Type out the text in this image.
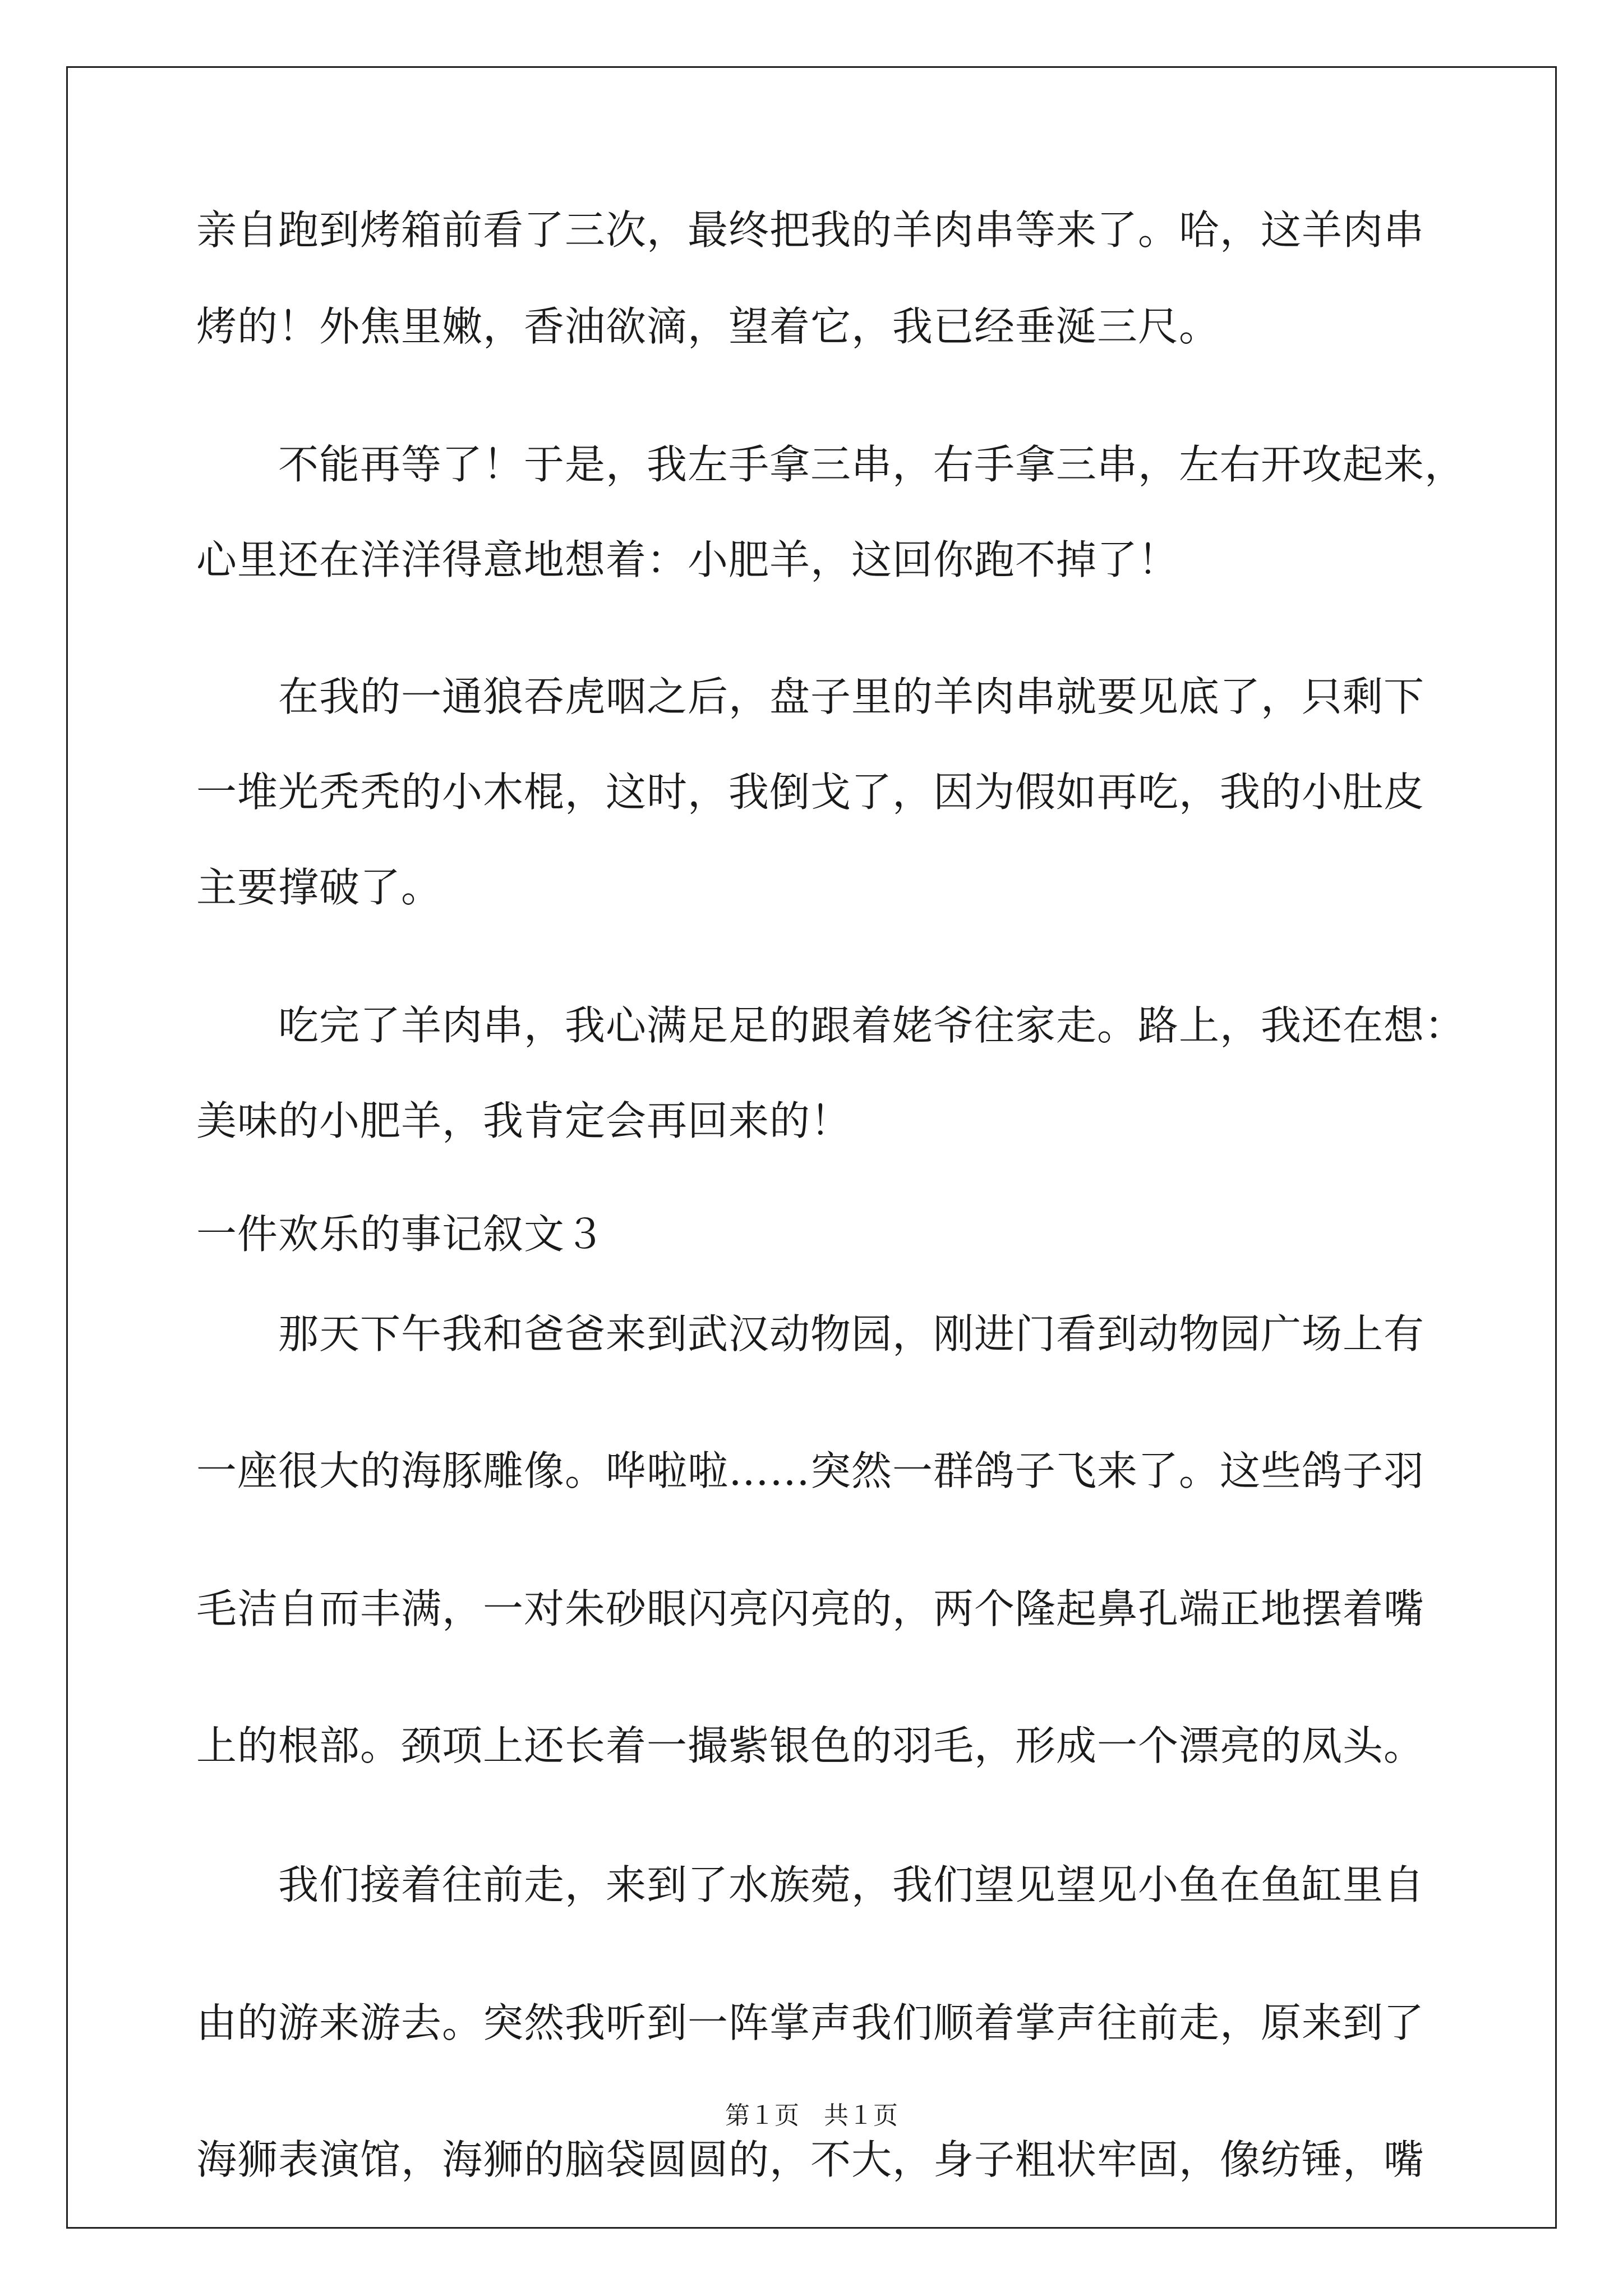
亲自跑到烤箱前看了三次，最终把我的羊肉串等来了。哈，这羊肉串
烤的！外焦里嫩，香油欲滴，望着它，我已经垂涎三尺。
　　不能再等了！于是，我左手拿三串，右手拿三串，左右开攻起来，
心里还在洋洋得意地想着：小肥羊，这回你跑不掉了！
　　在我的一通狼吞虎咽之后，盘子里的羊肉串就要见底了，只剩下
一堆光秃秃的小木棍，这时，我倒戈了，因为假如再吃，我的小肚皮
主要撑破了。
　　吃完了羊肉串，我心满足足的跟着姥爷往家走。路上，我还在想：
美味的小肥羊，我肯定会再回来的！
一件欢乐的事记叙文３
　　那天下午我和爸爸来到武汉动物园，刚进门看到动物园广场上有
一座很大的海豚雕像。哗啦啦……突然一群鸽子飞来了。这些鸽子羽
毛洁自而丰满，一对朱砂眼闪亮闪亮的，两个隆起鼻孔端正地摆着嘴
上的根部。颈项上还长着一撮紫银色的羽毛，形成一个漂亮的凤头。
　　我们接着往前走，来到了水族菀，我们望见望见小鱼在鱼缸里自
由的游来游去。突然我听到一阵掌声我们顺着掌声往前走，原来到了
海狮表演馆，海狮的脑袋圆圆的，不大，身子粗状牢固，像纺锤，嘴
第１页 共１页
